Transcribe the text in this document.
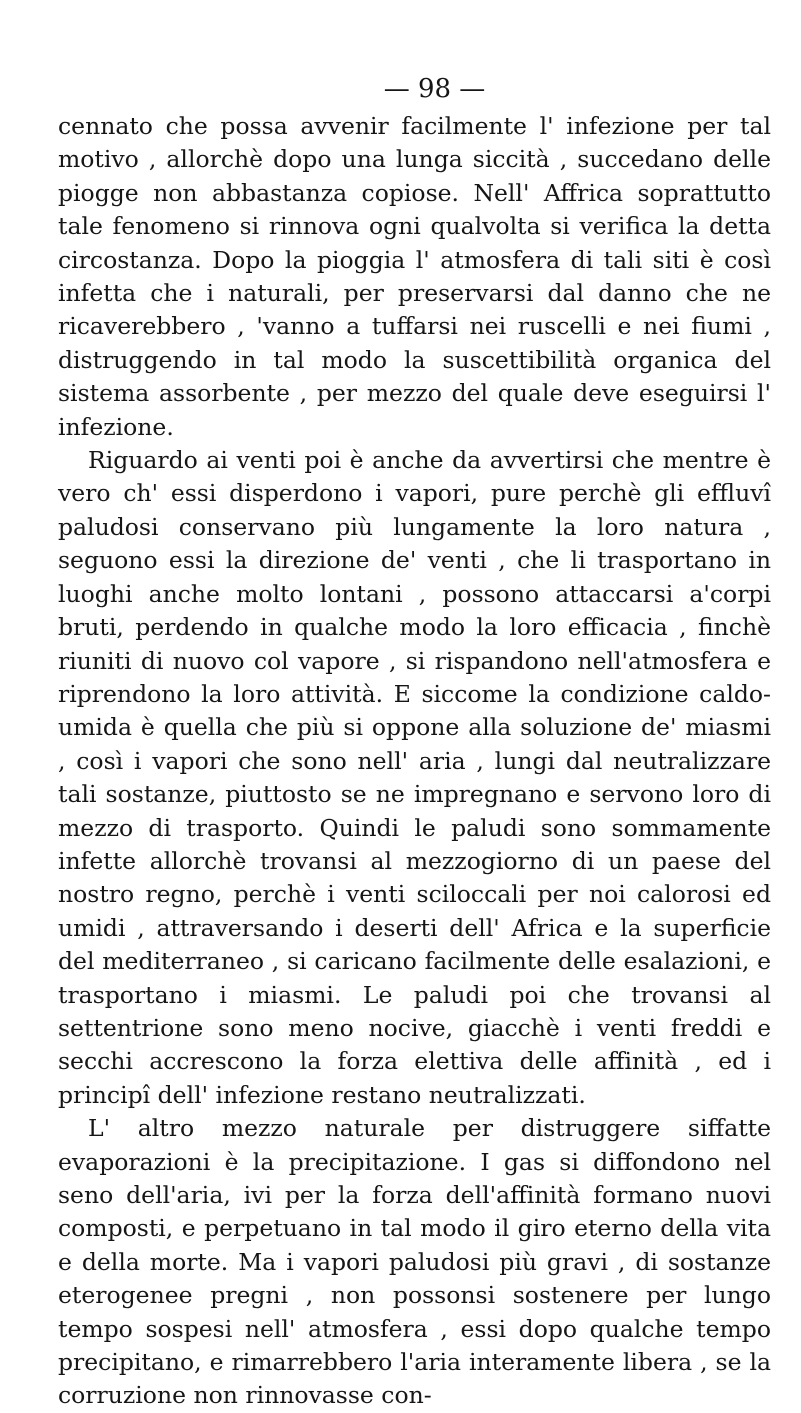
— 98 —

cennato che possa avvenir facilmente l' infezione per tal motivo , allorchè dopo una lunga siccità , succedano delle piogge non abbastanza copiose. Nell' Affrica soprattutto tale fenomeno si rinnova ogni qualvolta si verifica la detta circostanza. Dopo la pioggia l' atmosfera di tali siti è così infetta che i naturali, per preservarsi dal danno che ne ricaverebbero , 'vanno a tuffarsi nei ruscelli e nei fiumi , distruggendo in tal modo la suscettibilità organica del sistema assorbente , per mezzo del quale deve eseguirsi l' infezione.

Riguardo ai venti poi è anche da avvertirsi che mentre è vero ch' essi disperdono i vapori, pure perchè gli effluvî paludosi conservano più lungamente la loro natura , seguono essi la direzione de' venti , che li trasportano in luoghi anche molto lontani , possono attaccarsi a'corpi bruti, perdendo in qualche modo la loro efficacia , finchè riuniti di nuovo col vapore , si rispandono nell'atmosfera e riprendono la loro attività. E siccome la condizione caldo-umida è quella che più si oppone alla soluzione de' miasmi , così i vapori che sono nell' aria , lungi dal neutralizzare tali sostanze, piuttosto se ne impregnano e servono loro di mezzo di trasporto. Quindi le paludi sono sommamente infette allorchè trovansi al mezzogiorno di un paese del nostro regno, perchè i venti sciloccali per noi calorosi ed umidi , attraversando i deserti dell' Africa e la superficie del mediterraneo , si caricano facilmente delle esalazioni, e trasportano i miasmi. Le paludi poi che trovansi al settentrione sono meno nocive, giacchè i venti freddi e secchi accrescono la forza elettiva delle affinità , ed i principî dell' infezione restano neutralizzati.

L' altro mezzo naturale per distruggere siffatte evaporazioni è la precipitazione. I gas si diffondono nel seno dell'aria, ivi per la forza dell'affinità formano nuovi composti, e perpetuano in tal modo il giro eterno della vita e della morte. Ma i vapori paludosi più gravi , di sostanze eterogenee pregni , non possonsi sostenere per lungo tempo sospesi nell' atmosfera , essi dopo qualche tempo precipitano, e rimarrebbero l'aria interamente libera , se la corruzione non rinnovasse con-
